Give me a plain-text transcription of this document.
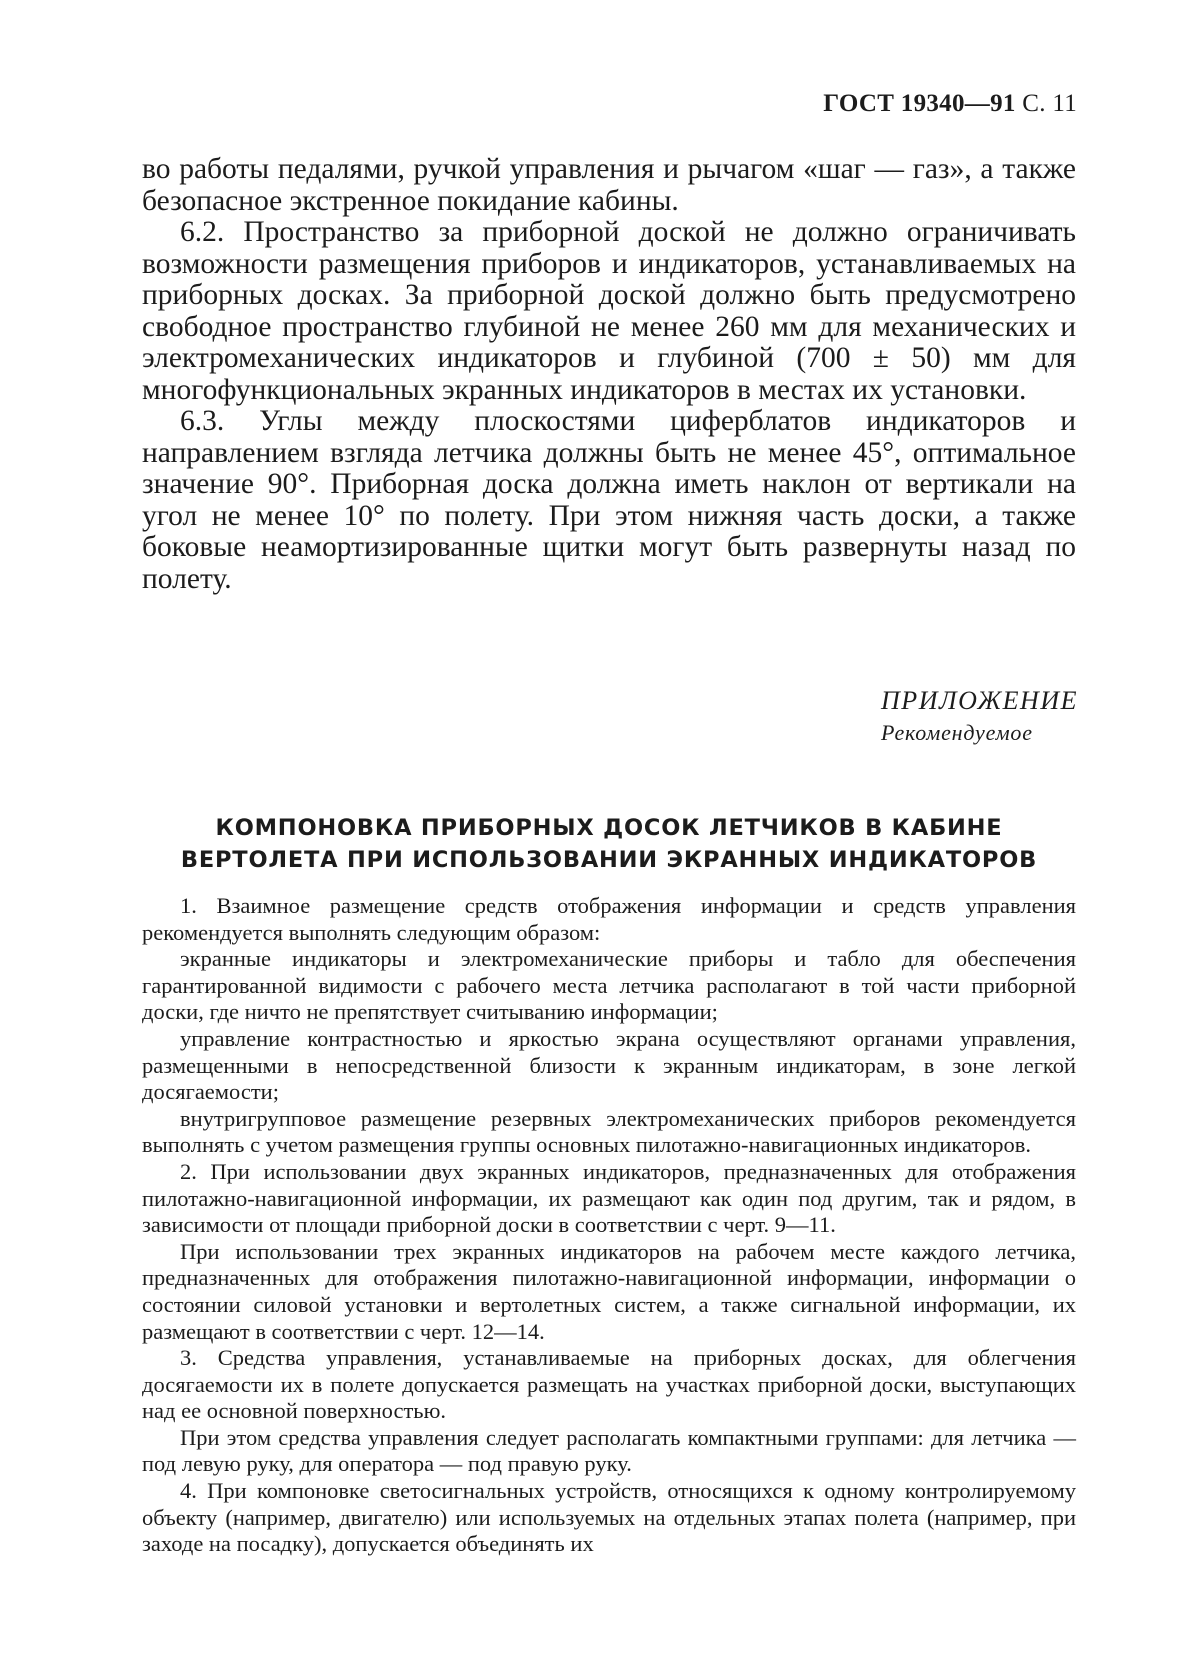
ГОСТ 19340—91 С. 11

во работы педалями, ручкой управления и рычагом «шаг — газ», а также безопасное экстренное покидание кабины.

6.2. Пространство за приборной доской не должно ограничивать возможности размещения приборов и индикаторов, устанавливаемых на приборных досках. За приборной доской должно быть предусмотрено свободное пространство глубиной не менее 260 мм для механических и электромеханических индикаторов и глубиной (700 ± 50) мм для многофункциональных экранных индикаторов в местах их установки.

6.3. Углы между плоскостями циферблатов индикаторов и направлением взгляда летчика должны быть не менее 45°, оптимальное значение 90°. Приборная доска должна иметь наклон от вертикали на угол не менее 10° по полету. При этом нижняя часть доски, а также боковые неамортизированные щитки могут быть развернуты назад по полету.

ПРИЛОЖЕНИЕ
Рекомендуемое
КОМПОНОВКА ПРИБОРНЫХ ДОСОК ЛЕТЧИКОВ В КАБИНЕ
ВЕРТОЛЕТА ПРИ ИСПОЛЬЗОВАНИИ ЭКРАННЫХ ИНДИКАТОРОВ

1. Взаимное размещение средств отображения информации и средств управления рекомендуется выполнять следующим образом:

экранные индикаторы и электромеханические приборы и табло для обеспечения гарантированной видимости с рабочего места летчика располагают в той части приборной доски, где ничто не препятствует считыванию информации;

управление контрастностью и яркостью экрана осуществляют органами управления, размещенными в непосредственной близости к экранным индикаторам, в зоне легкой досягаемости;

внутригрупповое размещение резервных электромеханических приборов рекомендуется выполнять с учетом размещения группы основных пилотажно-навигационных индикаторов.

2. При использовании двух экранных индикаторов, предназначенных для отображения пилотажно-навигационной информации, их размещают как один под другим, так и рядом, в зависимости от площади приборной доски в соответствии с черт. 9—11.

При использовании трех экранных индикаторов на рабочем месте каждого летчика, предназначенных для отображения пилотажно-навигационной информации, информации о состоянии силовой установки и вертолетных систем, а также сигнальной информации, их размещают в соответствии с черт. 12—14.

3. Средства управления, устанавливаемые на приборных досках, для облегчения досягаемости их в полете допускается размещать на участках приборной доски, выступающих над ее основной поверхностью.

При этом средства управления следует располагать компактными группами: для летчика — под левую руку, для оператора — под правую руку.

4. При компоновке светосигнальных устройств, относящихся к одному контролируемому объекту (например, двигателю) или используемых на отдельных этапах полета (например, при заходе на посадку), допускается объединять их
